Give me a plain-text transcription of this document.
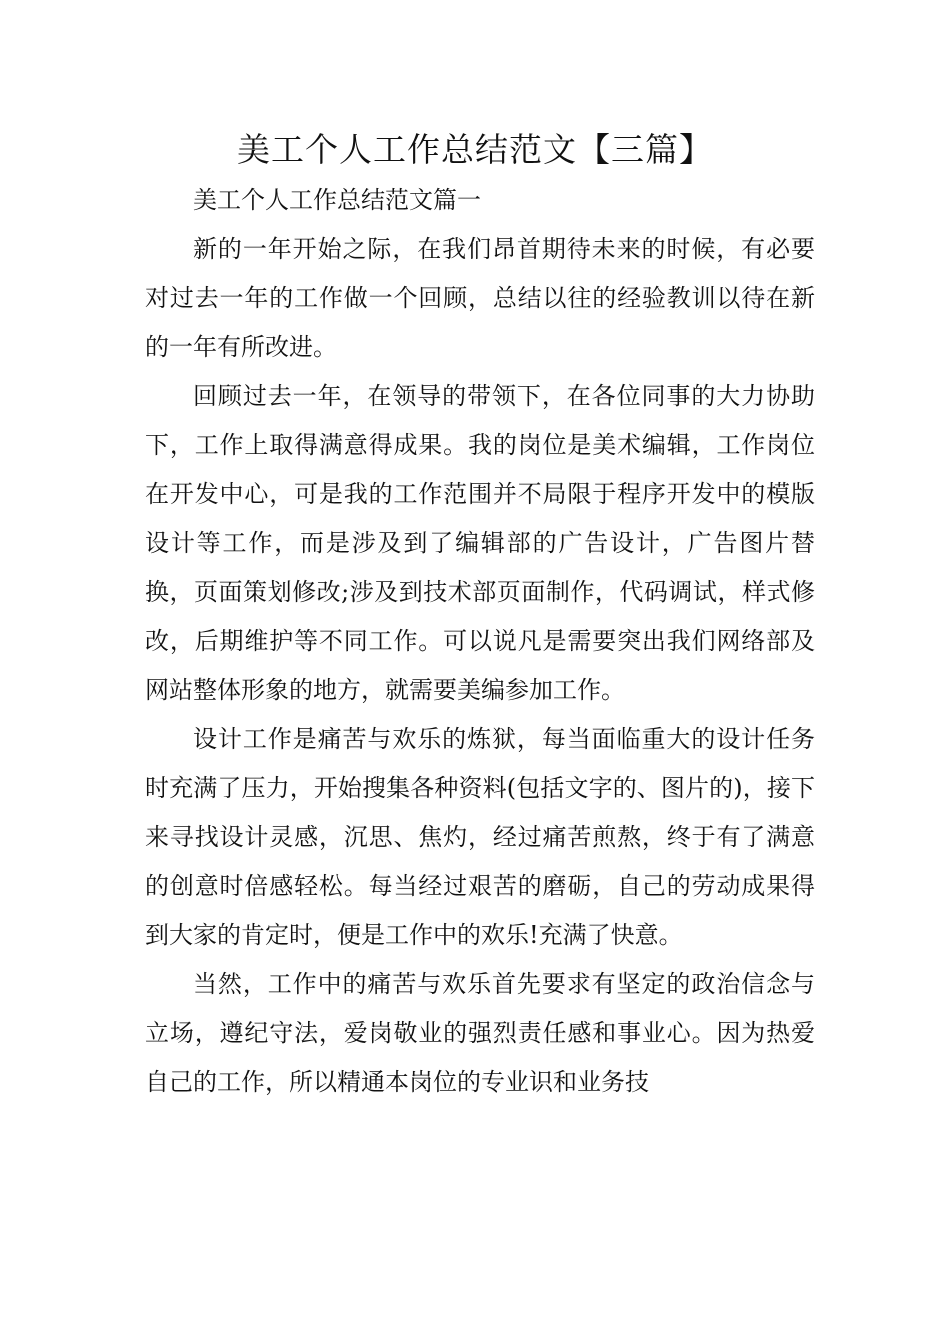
美工个人工作总结范文【三篇】

美工个人工作总结范文篇一

新的一年开始之际，在我们昂首期待未来的时候，有必要对过去一年的工作做一个回顾，总结以往的经验教训以待在新的一年有所改进。

回顾过去一年，在领导的带领下，在各位同事的大力协助下，工作上取得满意得成果。我的岗位是美术编辑，工作岗位在开发中心，可是我的工作范围并不局限于程序开发中的模版设计等工作，而是涉及到了编辑部的广告设计，广告图片替换，页面策划修改;涉及到技术部页面制作，代码调试，样式修改，后期维护等不同工作。可以说凡是需要突出我们网络部及网站整体形象的地方，就需要美编参加工作。

设计工作是痛苦与欢乐的炼狱，每当面临重大的设计任务时充满了压力，开始搜集各种资料(包括文字的、图片的)，接下来寻找设计灵感，沉思、焦灼，经过痛苦煎熬，终于有了满意的创意时倍感轻松。每当经过艰苦的磨砺，自己的劳动成果得到大家的肯定时，便是工作中的欢乐!充满了快意。

当然，工作中的痛苦与欢乐首先要求有坚定的政治信念与立场，遵纪守法，爱岗敬业的强烈责任感和事业心。因为热爱自己的工作，所以精通本岗位的专业识和业务技
